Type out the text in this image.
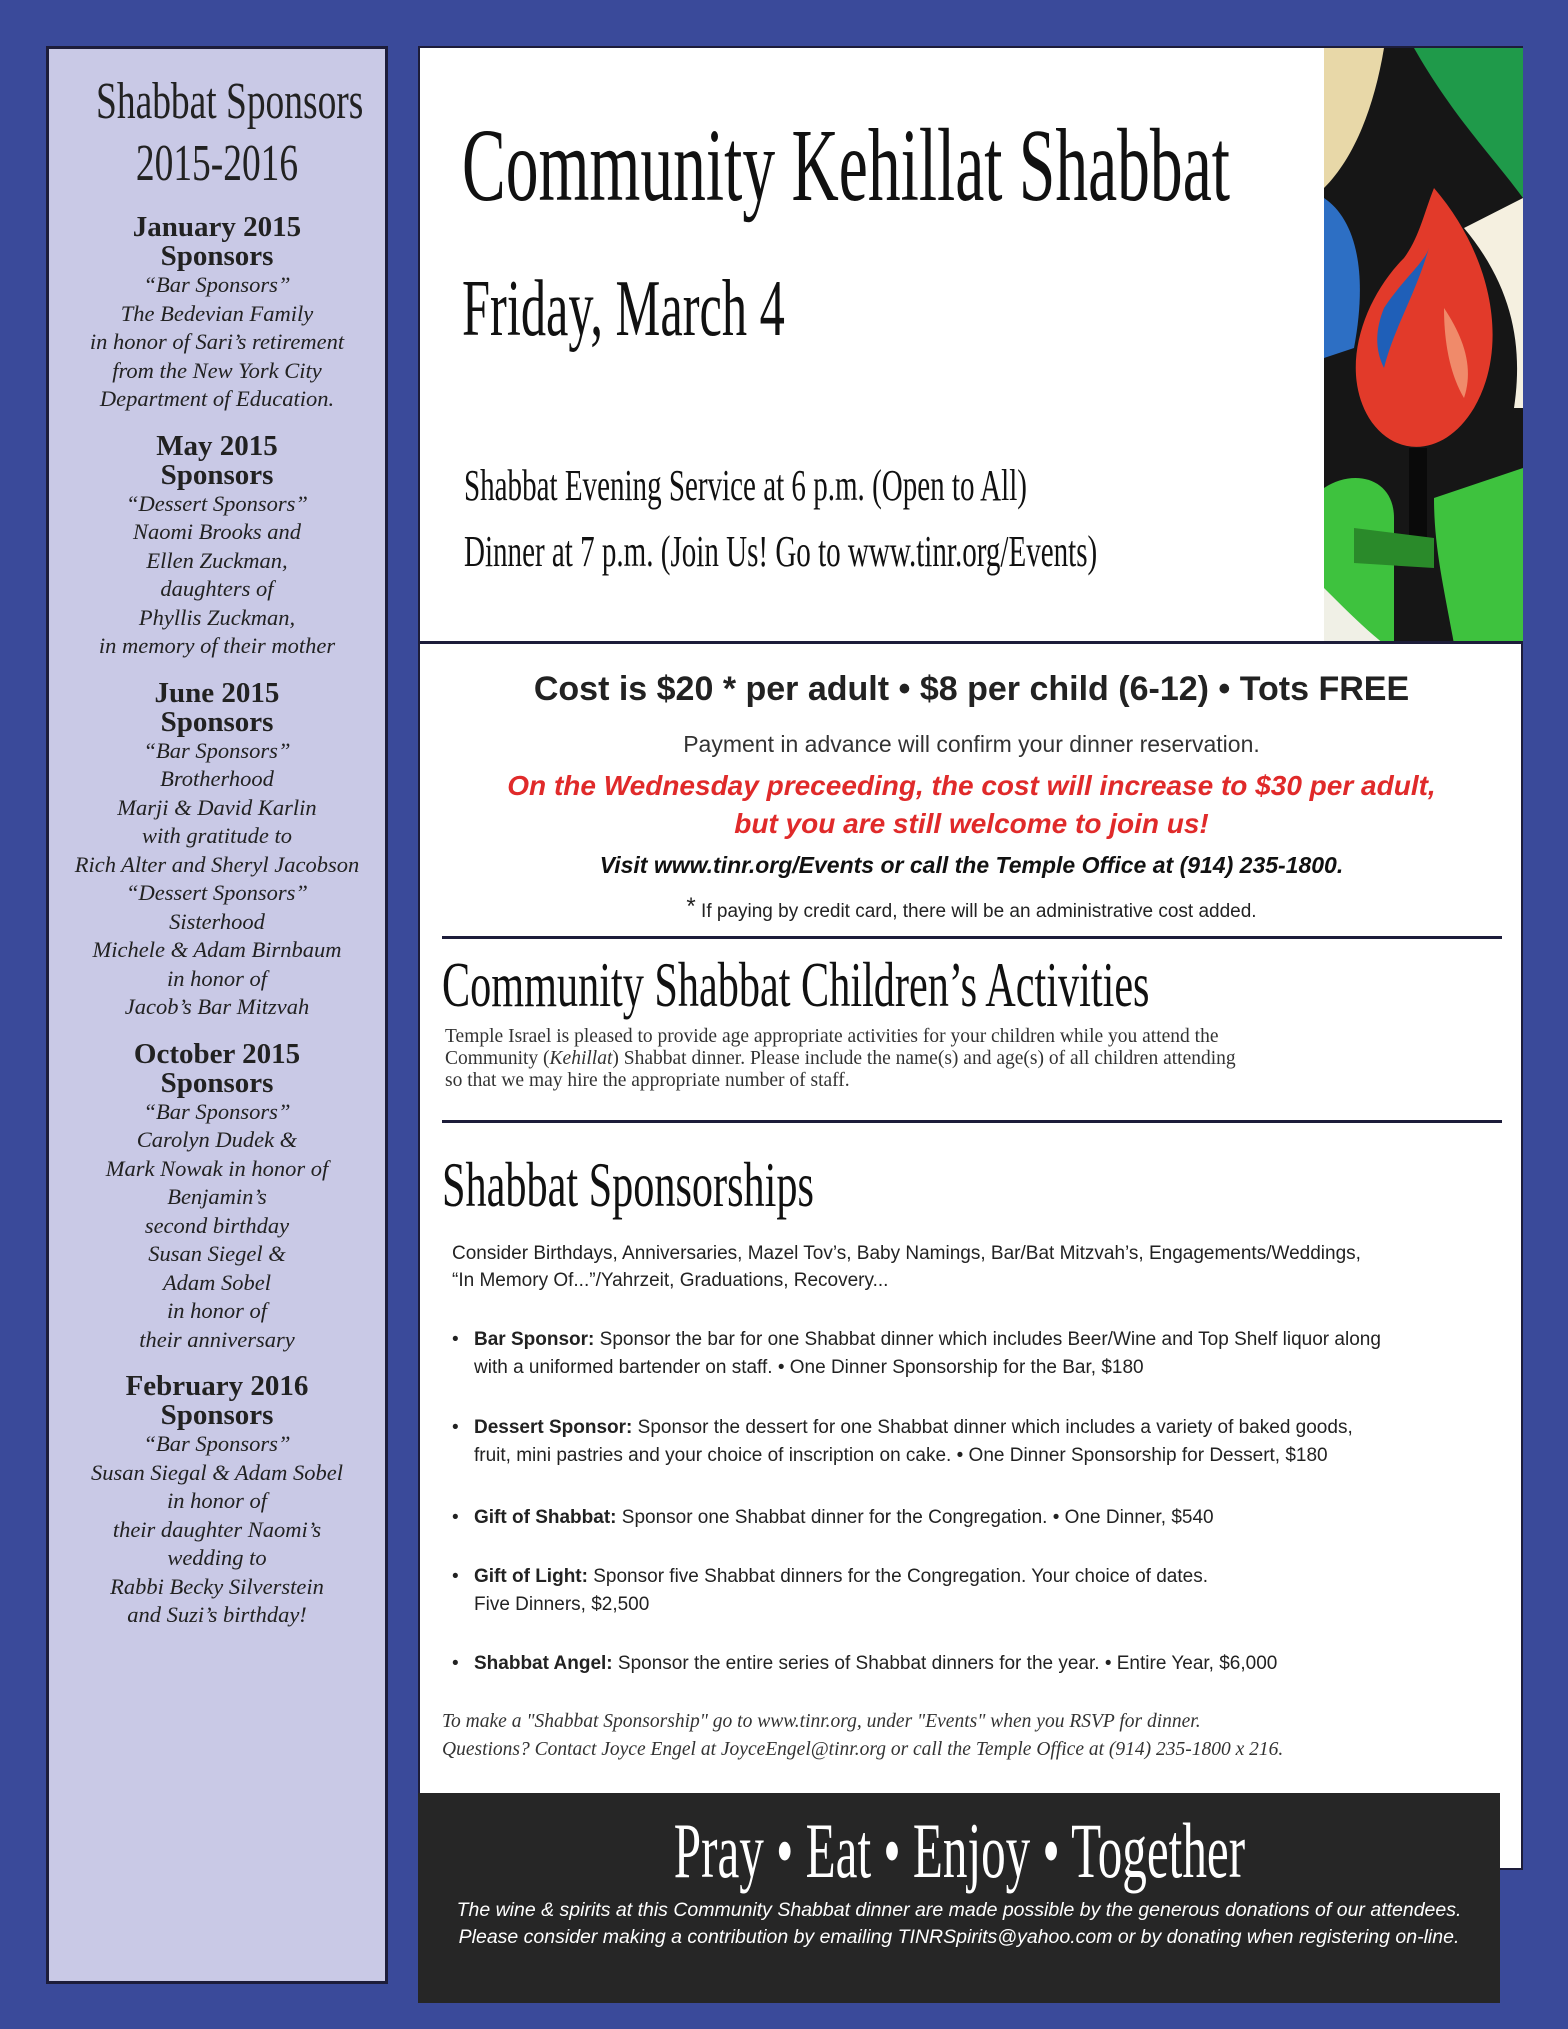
Shabbat Sponsors
2015-2016
January 2015
Sponsors
“Bar Sponsors”
The Bedevian Family
in honor of Sari’s retirement
from the New York City
Department of Education.
May 2015
Sponsors
“Dessert Sponsors”
Naomi Brooks and
Ellen Zuckman,
daughters of
Phyllis Zuckman,
in memory of their mother
June 2015
Sponsors
“Bar Sponsors”
Brotherhood
Marji & David Karlin
with gratitude to
Rich Alter and Sheryl Jacobson
“Dessert Sponsors”
Sisterhood
Michele & Adam Birnbaum
in honor of
Jacob’s Bar Mitzvah
October 2015
Sponsors
“Bar Sponsors”
Carolyn Dudek &
Mark Nowak in honor of
Benjamin’s
second birthday
Susan Siegel &
Adam Sobel
in honor of
their anniversary
February 2016
Sponsors
“Bar Sponsors”
Susan Siegal & Adam Sobel
in honor of
their daughter Naomi’s
wedding to
Rabbi Becky Silverstein
and Suzi’s birthday!
Community Kehillat Shabbat
Friday, March 4
Shabbat Evening Service at 6 p.m. (Open to All)
Dinner at 7 p.m. (Join Us! Go to www.tinr.org/Events)
Cost is $20 * per adult • $8 per child (6-12) • Tots FREE
Payment in advance will confirm your dinner reservation.
On the Wednesday preceeding, the cost will increase to $30 per adult,
but you are still welcome to join us!
Visit www.tinr.org/Events or call the Temple Office at (914) 235-1800.
* If paying by credit card, there will be an administrative cost added.
Community Shabbat Children’s Activities
Temple Israel is pleased to provide age appropriate activities for your children while you attend the
Community (Kehillat) Shabbat dinner. Please include the name(s) and age(s) of all children attending
so that we may hire the appropriate number of staff.
Shabbat Sponsorships
Consider Birthdays, Anniversaries, Mazel Tov’s, Baby Namings, Bar/Bat Mitzvah’s, Engagements/Weddings,
“In Memory Of...”/Yahrzeit, Graduations, Recovery...
• Bar Sponsor: Sponsor the bar for one Shabbat dinner which includes Beer/Wine and Top Shelf liquor along
with a uniformed bartender on staff. • One Dinner Sponsorship for the Bar, $180
• Dessert Sponsor: Sponsor the dessert for one Shabbat dinner which includes a variety of baked goods,
fruit, mini pastries and your choice of inscription on cake. • One Dinner Sponsorship for Dessert, $180
• Gift of Shabbat: Sponsor one Shabbat dinner for the Congregation. • One Dinner, $540
• Gift of Light: Sponsor five Shabbat dinners for the Congregation. Your choice of dates.
Five Dinners, $2,500
• Shabbat Angel: Sponsor the entire series of Shabbat dinners for the year. • Entire Year, $6,000
To make a "Shabbat Sponsorship" go to www.tinr.org, under "Events" when you RSVP for dinner.
Questions? Contact Joyce Engel at JoyceEngel@tinr.org or call the Temple Office at (914) 235-1800 x 216.
Pray • Eat • Enjoy • Together
The wine & spirits at this Community Shabbat dinner are made possible by the generous donations of our attendees.
Please consider making a contribution by emailing TINRSpirits@yahoo.com or by donating when registering on-line.
